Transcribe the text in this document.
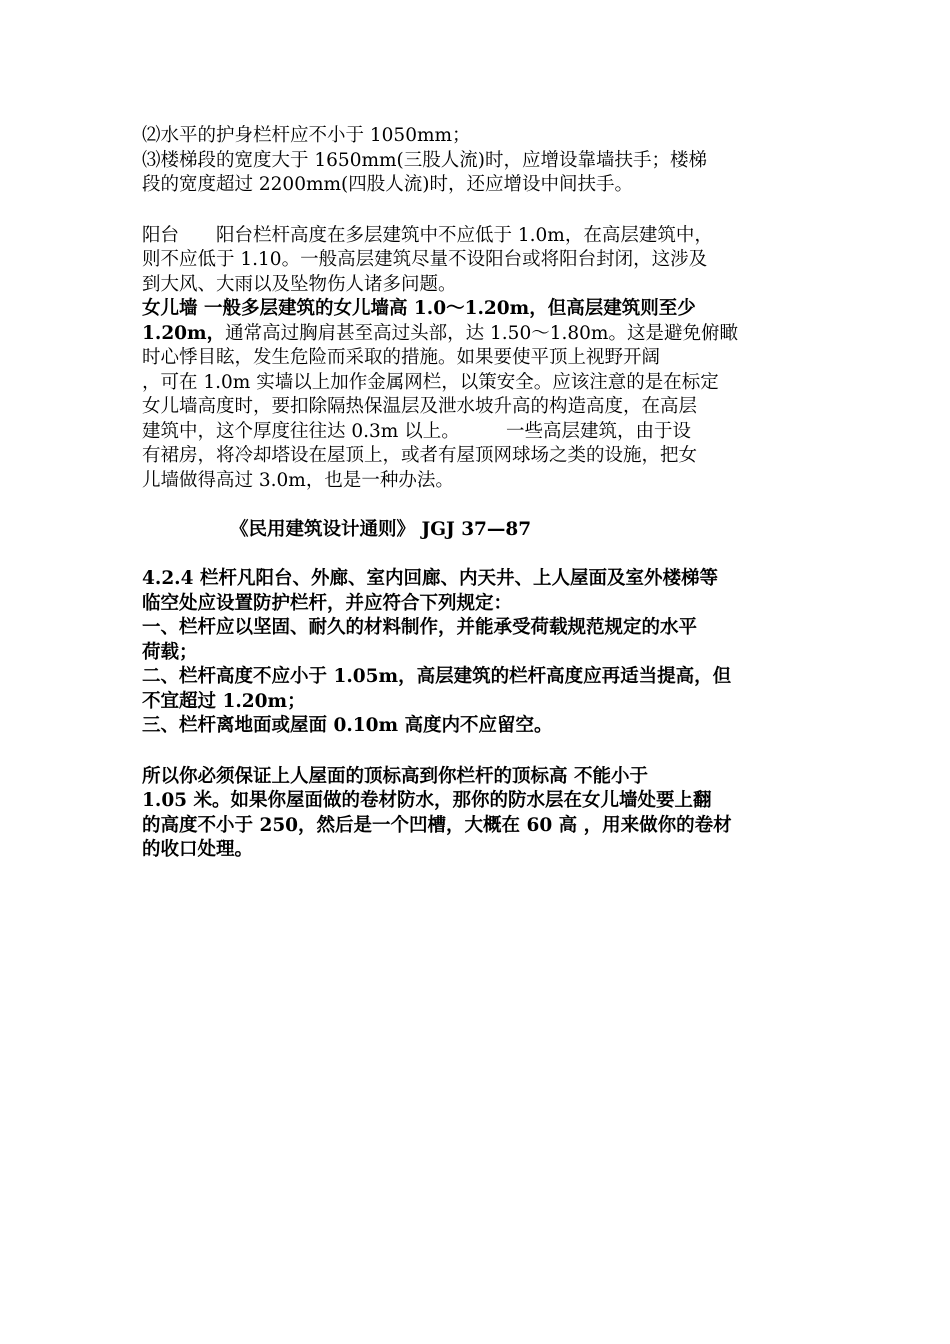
⑵水平的护身栏杆应不小于 1050mm；
⑶楼梯段的宽度大于 1650mm(三股人流)时，应增设靠墙扶手；楼梯
段的宽度超过 2200mm(四股人流)时，还应增设中间扶手。
阳台　　阳台栏杆高度在多层建筑中不应低于 1.0m，在高层建筑中，
则不应低于 1.10。一般高层建筑尽量不设阳台或将阳台封闭，这涉及
到大风、大雨以及坠物伤人诸多问题。
女儿墙 一般多层建筑的女儿墙高 1.0～1.20m，但高层建筑则至少
1.20m，通常高过胸肩甚至高过头部，达 1.50～1.80m。这是避免俯瞰
时心悸目眩，发生危险而采取的措施。如果要使平顶上视野开阔
，可在 1.0m 实墙以上加作金属网栏，以策安全。应该注意的是在标定
女儿墙高度时，要扣除隔热保温层及泄水坡升高的构造高度，在高层
建筑中，这个厚度往往达 0.3m 以上。　　　一些高层建筑，由于设
有裙房，将冷却塔设在屋顶上，或者有屋顶网球场之类的设施，把女
儿墙做得高过 3.0m，也是一种办法。
《民用建筑设计通则》 JGJ 37—87
4.2.4 栏杆凡阳台、外廊、室内回廊、内天井、上人屋面及室外楼梯等
临空处应设置防护栏杆，并应符合下列规定：
一、栏杆应以坚固、耐久的材料制作，并能承受荷载规范规定的水平
荷载；
二、栏杆高度不应小于 1.05m，高层建筑的栏杆高度应再适当提高，但
不宜超过 1.20m；
三、栏杆离地面或屋面 0.10m 高度内不应留空。
所以你必须保证上人屋面的顶标高到你栏杆的顶标高 不能小于
1.05 米。如果你屋面做的卷材防水，那你的防水层在女儿墙处要上翻
的高度不小于 250，然后是一个凹槽，大概在 60 高 ，用来做你的卷材
的收口处理。
